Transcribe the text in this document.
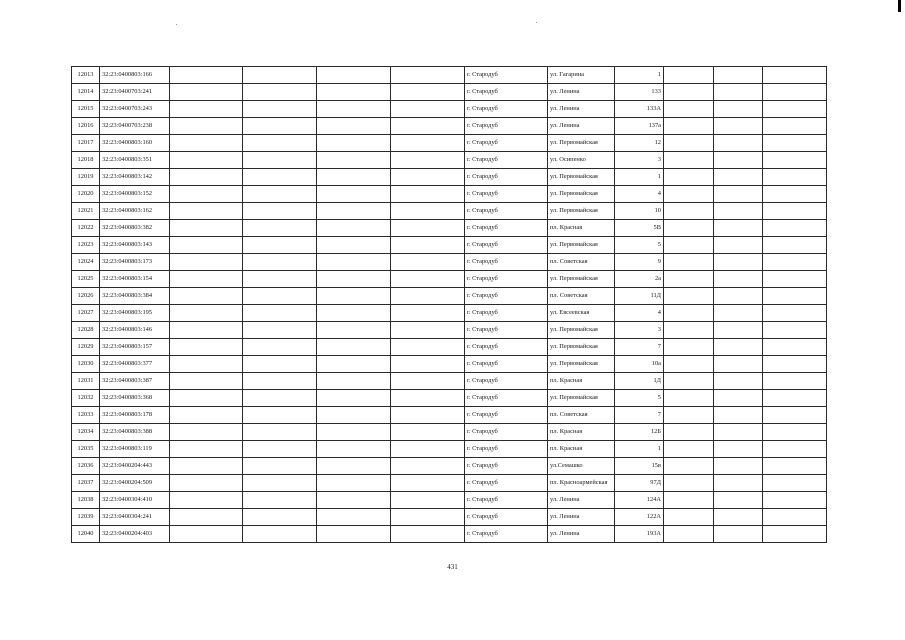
12013	32:23:0400803:166					г. Стародуб	ул. Гагарина	1			
12014	32:23:0400703:241					г. Стародуб	ул. Ленина	133			
12015	32:23:0400703:243					г. Стародуб	ул. Ленина	133А			
12016	32:23:0400703:238					г. Стародуб	ул. Ленина	137а			
12017	32:23:0400803:160					г. Стародуб	ул. Первомайская	12			
12018	32:23:0400803:351					г. Стародуб	ул. Осипенко	3			
12019	32:23:0400803:142					г. Стародуб	ул. Первомайская	1			
12020	32:23:0400803:152					г. Стародуб	ул. Первомайская	4			
12021	32:23:0400803:162					г. Стародуб	ул. Первомайская	10			
12022	32:23:0400803:382					г. Стародуб	пл. Красная	5В			
12023	32:23:0400803:143					г. Стародуб	ул. Первомайская	5			
12024	32:23:0400803:173					г. Стародуб	пл. Советская	9			
12025	32:23:0400803:154					г. Стародуб	ул. Первомайская	2а			
12026	32:23:0400803:384					г. Стародуб	пл. Советская	11Д			
12027	32:23:0400803:195					г. Стародуб	ул. Евсеевская	4			
12028	32:23:0400803:146					г. Стародуб	ул. Первомайская	3			
12029	32:23:0400803:157					г. Стародуб	ул. Первомайская	7			
12030	32:23:0400803:377					г. Стародуб	ул. Первомайская	10а			
12031	32:23:0400803:387					г. Стародуб	пл. Красная	1Д			
12032	32:23:0400803:368					г. Стародуб	ул. Первомайская	5			
12033	32:23:0400803:178					г. Стародуб	пл. Советская	7			
12034	32:23:0400803:388					г. Стародуб	пл. Красная	12Б			
12035	32:23:0400803:119					г. Стародуб	пл. Красная	1			
12036	32:23:0400204:443					г. Стародуб	ул.Семашко	15в			
12037	32:23:0400204:509					г. Стародуб	пл. Красноармейская	97Д			
12038	32:23:0400304:410					г. Стародуб	ул. Ленина	124А			
12039	32:23:0400304:241					г. Стародуб	ул. Ленина	122А			
12040	32:23:0400204:403					г. Стародуб	ул. Ленина	193А			
431
